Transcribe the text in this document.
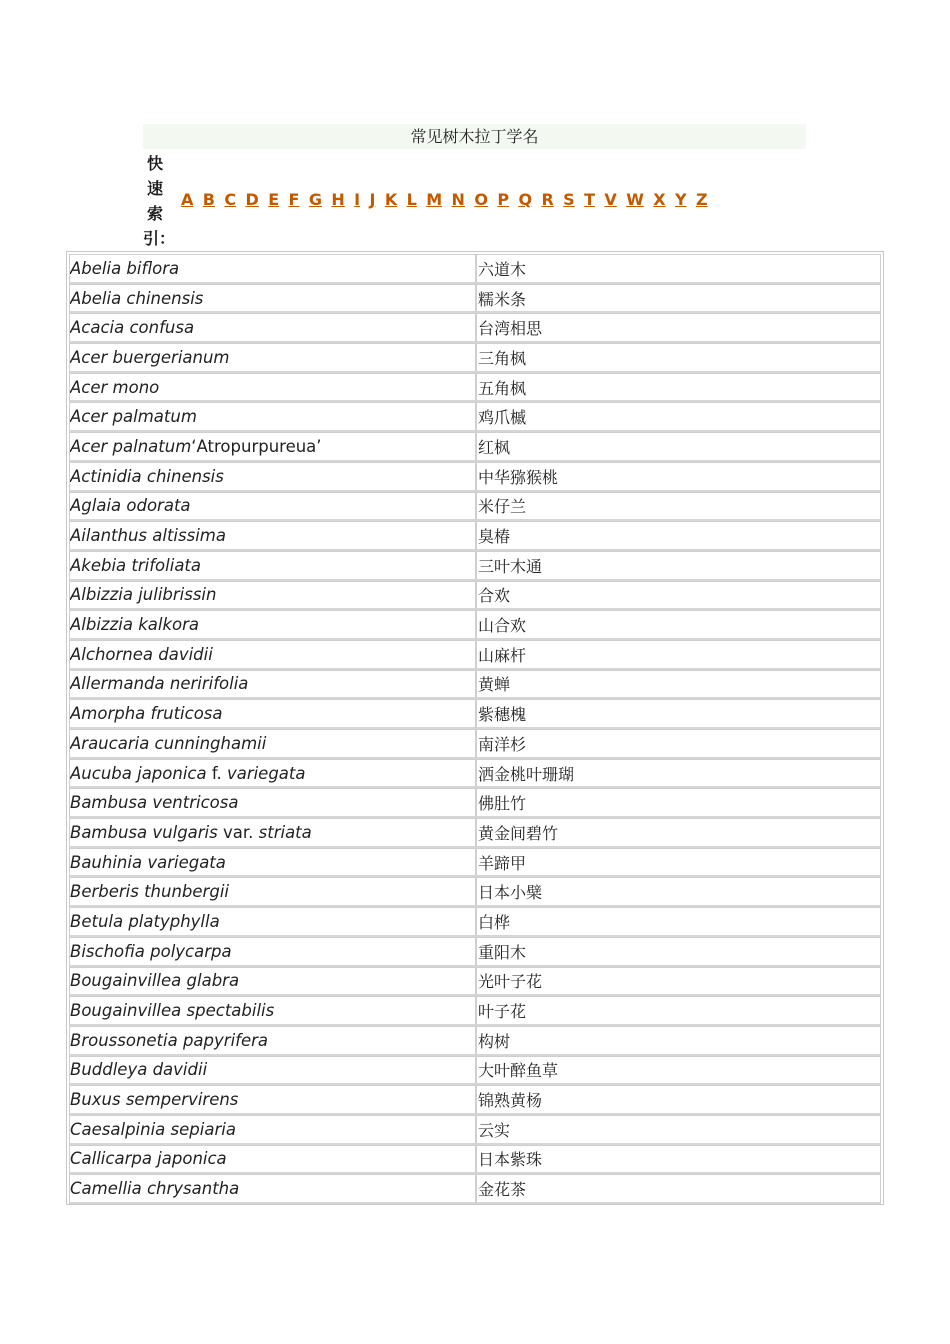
常见树木拉丁学名
快
速
索
引：
A B C D E F G H I J K L M N O P Q R S T V W X Y Z
Abelia biflora	六道木
Abelia chinensis	糯米条
Acacia confusa	台湾相思
Acer buergerianum	三角枫
Acer mono	五角枫
Acer palmatum	鸡爪槭
Acer palnatum ‘Atropurpureua’	红枫
Actinidia chinensis	中华猕猴桃
Aglaia odorata	米仔兰
Ailanthus altissima	臭椿
Akebia trifoliata	三叶木通
Albizzia julibrissin	合欢
Albizzia kalkora	山合欢
Alchornea davidii	山麻杆
Allermanda neririfolia	黄蝉
Amorpha fruticosa	紫穗槐
Araucaria cunninghamii	南洋杉
Aucuba japonica f. variegata	洒金桃叶珊瑚
Bambusa ventricosa	佛肚竹
Bambusa vulgaris var. striata	黄金间碧竹
Bauhinia variegata	羊蹄甲
Berberis thunbergii	日本小檗
Betula platyphylla	白桦
Bischofia polycarpa	重阳木
Bougainvillea glabra	光叶子花
Bougainvillea spectabilis	叶子花
Broussonetia papyrifera	构树
Buddleya davidii	大叶醉鱼草
Buxus sempervirens	锦熟黄杨
Caesalpinia sepiaria	云实
Callicarpa japonica	日本紫珠
Camellia chrysantha	金花茶
